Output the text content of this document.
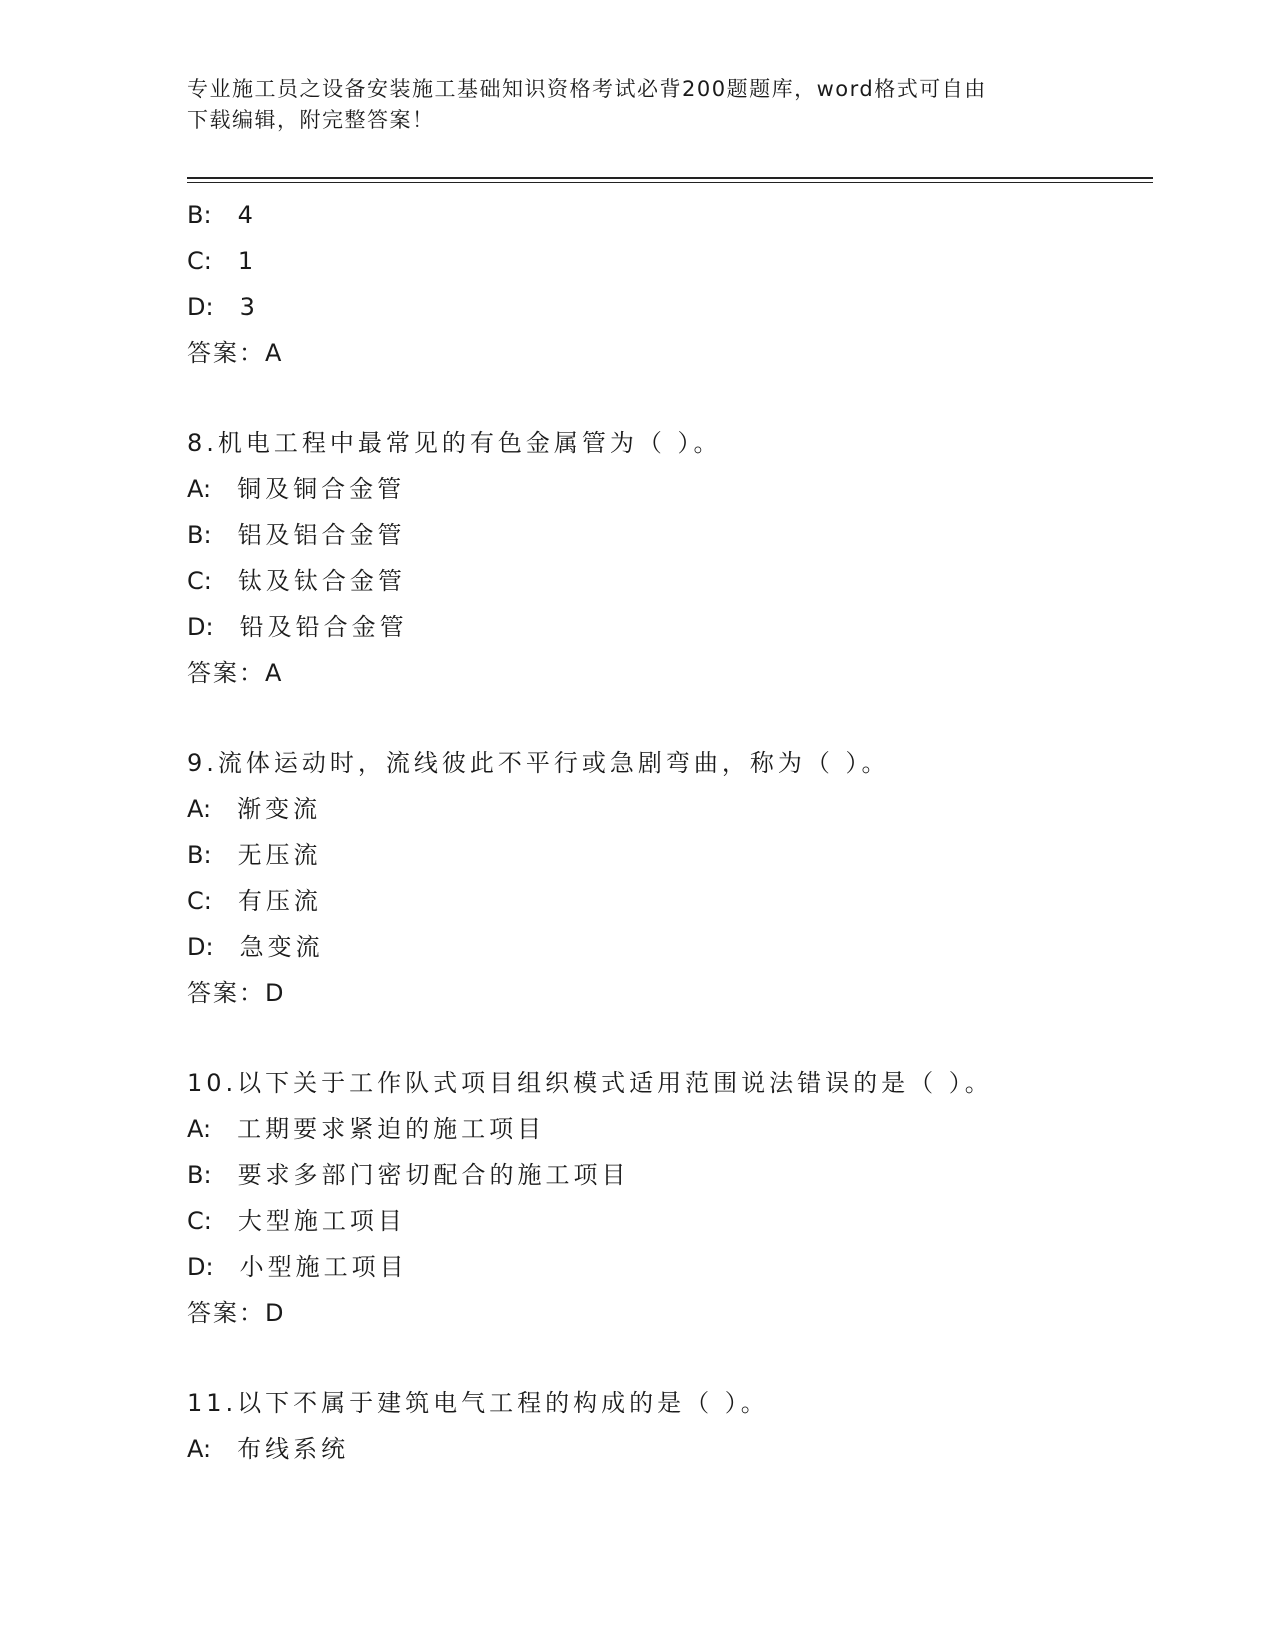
专业施工员之设备安装施工基础知识资格考试必背200题题库，word格式可自由
下载编辑，附完整答案！
B: 4
C: 1
D: 3
答案：A
8.机电工程中最常见的有色金属管为（ ）。
A: 铜及铜合金管
B: 铝及铝合金管
C: 钛及钛合金管
D: 铅及铅合金管
答案：A
9.流体运动时，流线彼此不平行或急剧弯曲，称为（ ）。
A: 渐变流
B: 无压流
C: 有压流
D: 急变流
答案：D
10.以下关于工作队式项目组织模式适用范围说法错误的是（ ）。
A: 工期要求紧迫的施工项目
B: 要求多部门密切配合的施工项目
C: 大型施工项目
D: 小型施工项目
答案：D
11.以下不属于建筑电气工程的构成的是（ ）。
A: 布线系统
